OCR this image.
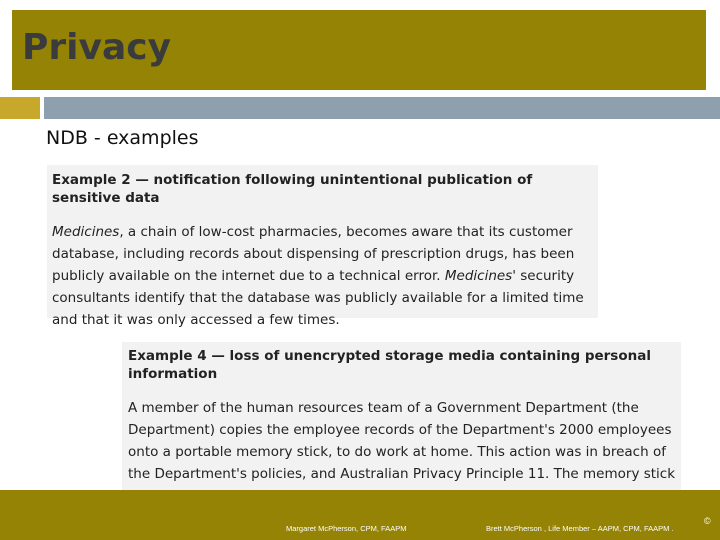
Privacy
NDB - examples

Example 2 — notification following unintentional publication of sensitive data

Medicines, a chain of low-cost pharmacies, becomes aware that its customer database, including records about dispensing of prescription drugs, has been publicly available on the internet due to a technical error. Medicines' security consultants identify that the database was publicly available for a limited time and that it was only accessed a few times.

Example 4 — loss of unencrypted storage media containing personal information

A member of the human resources team of a Government Department (the Department) copies the employee records of the Department's 2000 employees onto a portable memory stick, to do work at home. This action was in breach of the Department's policies, and Australian Privacy Principle 11. The memory stick

Margaret McPherson, CPM, FAAPM	Brett McPherson , Life Member – AAPM, CPM, FAAPM .
©
